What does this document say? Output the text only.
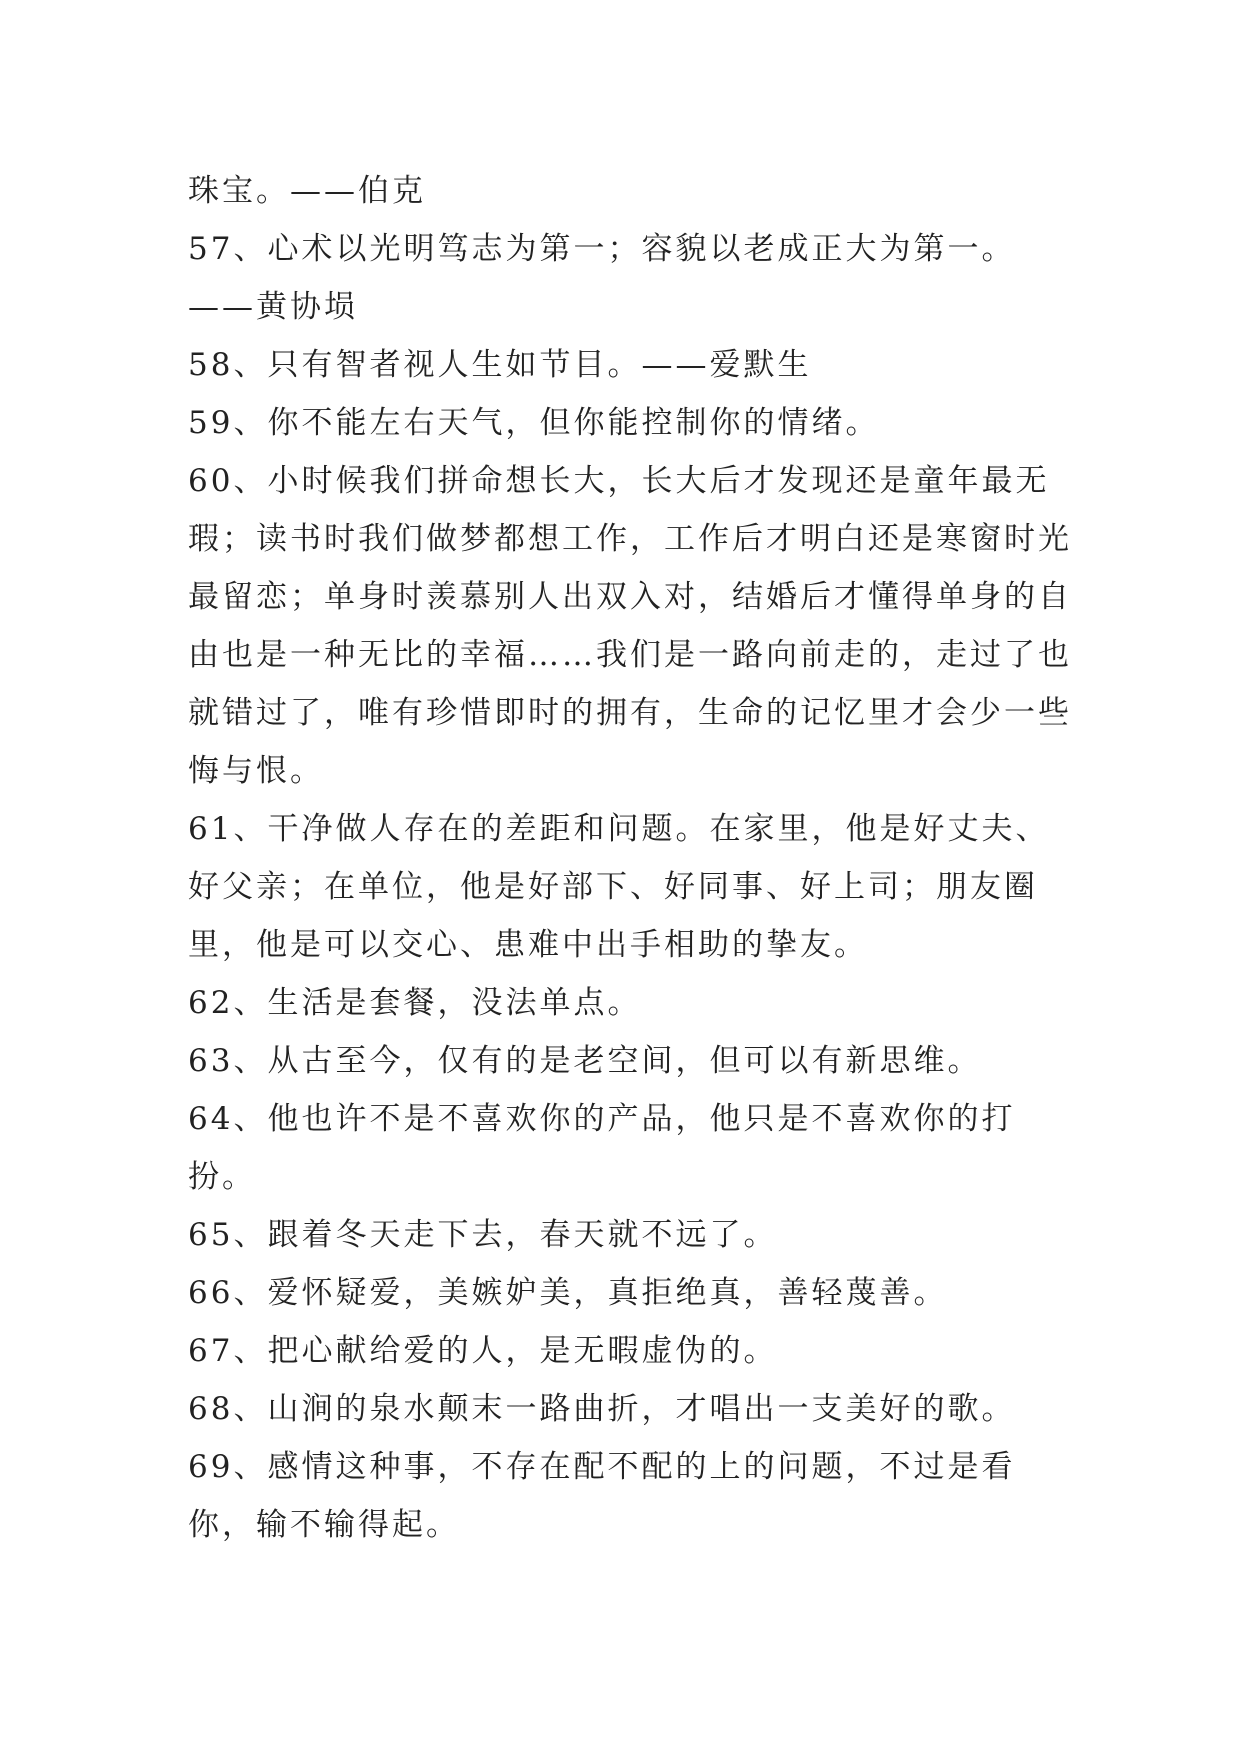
珠宝。——伯克

57、心术以光明笃志为第一；容貌以老成正大为第一。——黄协埙

58、只有智者视人生如节目。——爱默生

59、你不能左右天气，但你能控制你的情绪。

60、小时候我们拼命想长大，长大后才发现还是童年最无瑕；读书时我们做梦都想工作，工作后才明白还是寒窗时光最留恋；单身时羡慕别人出双入对，结婚后才懂得单身的自由也是一种无比的幸福……我们是一路向前走的，走过了也就错过了，唯有珍惜即时的拥有，生命的记忆里才会少一些悔与恨。

61、干净做人存在的差距和问题。在家里，他是好丈夫、好父亲；在单位，他是好部下、好同事、好上司；朋友圈里，他是可以交心、患难中出手相助的挚友。

62、生活是套餐，没法单点。

63、从古至今，仅有的是老空间，但可以有新思维。

64、他也许不是不喜欢你的产品，他只是不喜欢你的打扮。

65、跟着冬天走下去，春天就不远了。

66、爱怀疑爱，美嫉妒美，真拒绝真，善轻蔑善。

67、把心献给爱的人，是无暇虚伪的。

68、山涧的泉水颠末一路曲折，才唱出一支美好的歌。

69、感情这种事，不存在配不配的上的问题，不过是看你，输不输得起。
